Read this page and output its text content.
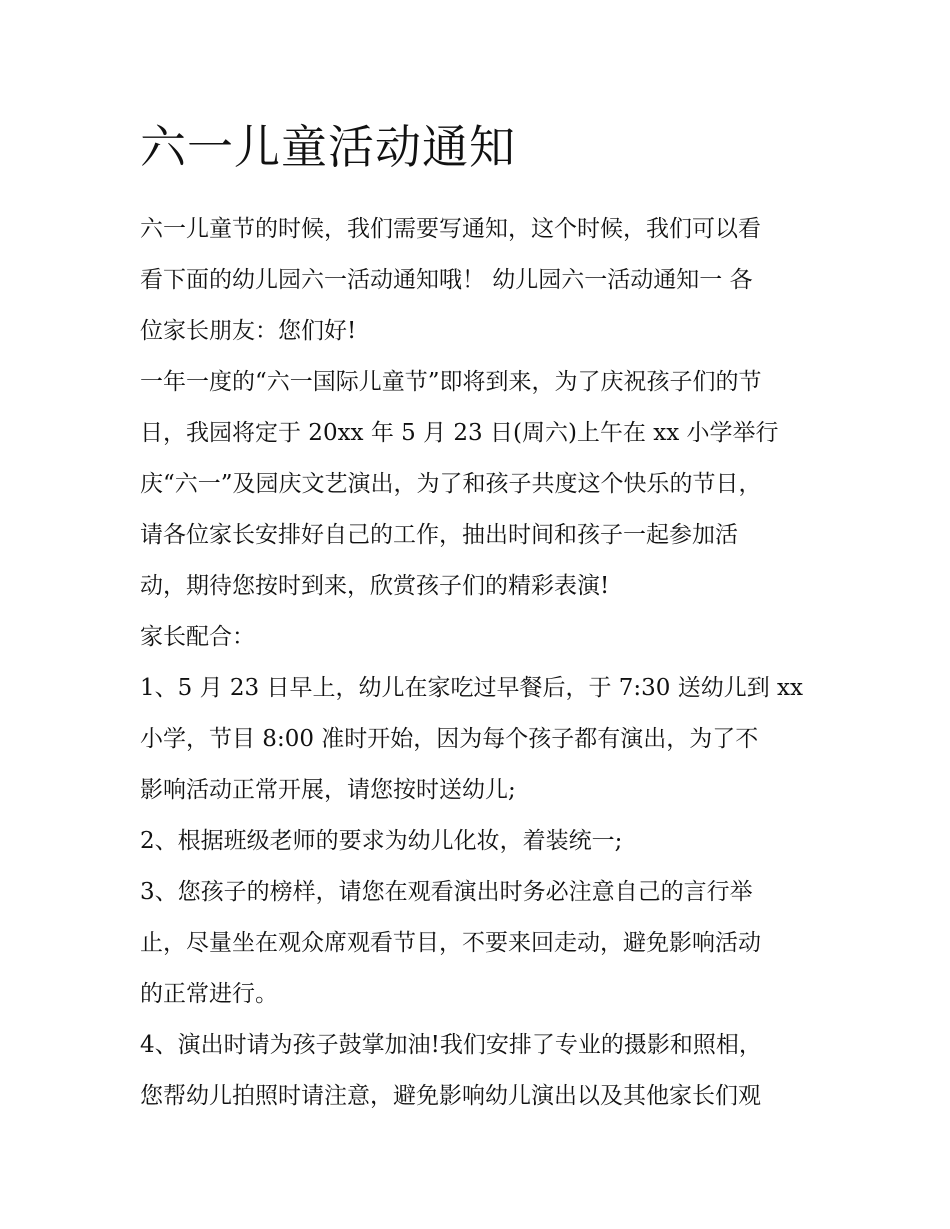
六一儿童活动通知

六一儿童节的时候，我们需要写通知，这个时候，我们可以看

看下面的幼儿园六一活动通知哦！ 幼儿园六一活动通知一 各

位家长朋友：您们好!

一年一度的“六一国际儿童节”即将到来，为了庆祝孩子们的节

日，我园将定于 20xx 年 5 月 23 日(周六)上午在 xx 小学举行

庆“六一”及园庆文艺演出，为了和孩子共度这个快乐的节日，

请各位家长安排好自己的工作，抽出时间和孩子一起参加活

动，期待您按时到来，欣赏孩子们的精彩表演!

家长配合：

1、5 月 23 日早上，幼儿在家吃过早餐后，于 7:30 送幼儿到 xx

小学，节目 8:00 准时开始，因为每个孩子都有演出，为了不

影响活动正常开展，请您按时送幼儿;

2、根据班级老师的要求为幼儿化妆，着装统一;

3、您孩子的榜样，请您在观看演出时务必注意自己的言行举

止，尽量坐在观众席观看节目，不要来回走动，避免影响活动

的正常进行。

4、演出时请为孩子鼓掌加油!我们安排了专业的摄影和照相，

您帮幼儿拍照时请注意，避免影响幼儿演出以及其他家长们观
